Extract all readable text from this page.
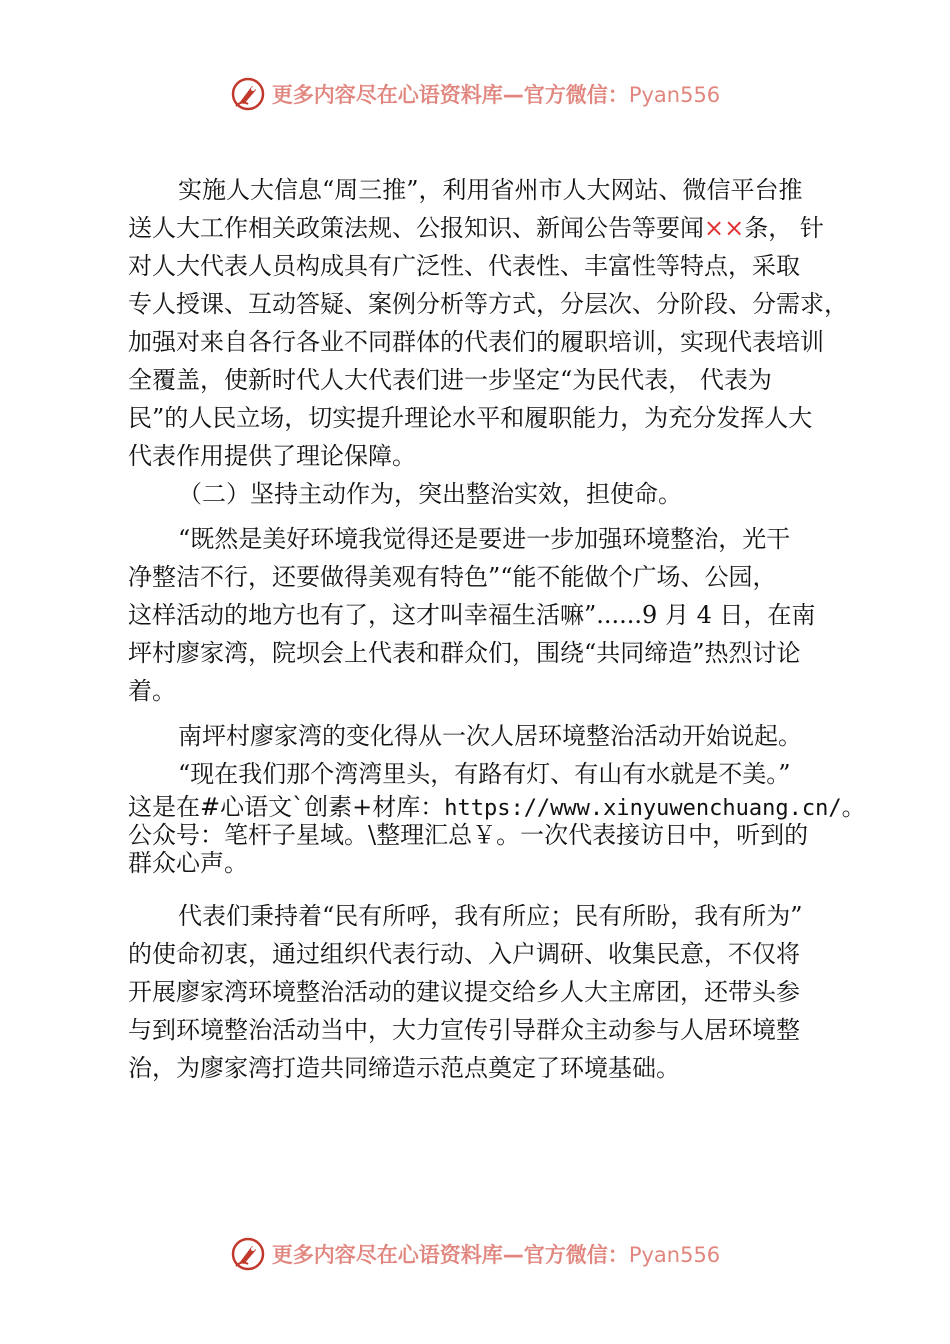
更多内容尽在心语资料库—官方微信：Pyan556
实施人大信息“周三推”，利用省州市人大网站、微信平台推
送人大工作相关政策法规、公报知识、新闻公告等要闻××条， 针
对人大代表人员构成具有广泛性、代表性、丰富性等特点，采取
专人授课、互动答疑、案例分析等方式，分层次、分阶段、分需求，
加强对来自各行各业不同群体的代表们的履职培训，实现代表培训
全覆盖，使新时代人大代表们进一步坚定“为民代表， 代表为
民”的人民立场，切实提升理论水平和履职能力，为充分发挥人大
代表作用提供了理论保障。
（二）坚持主动作为，突出整治实效，担使命。
“既然是美好环境我觉得还是要进一步加强环境整治，光干
净整洁不行，还要做得美观有特色”“能不能做个广场、公园，
这样活动的地方也有了，这才叫幸福生活嘛”......9 月 4 日，在南
坪村廖家湾，院坝会上代表和群众们，围绕“共同缔造”热烈讨论
着。
南坪村廖家湾的变化得从一次人居环境整治活动开始说起。
“现在我们那个湾湾里头，有路有灯、有山有水就是不美。”
这是在#心语文`创素+材库：https://www.xinyuwenchuang.cn/。
公众号：笔杆子星域。\整理汇总￥。一次代表接访日中，听到的
群众心声。
代表们秉持着“民有所呼，我有所应；民有所盼，我有所为”
的使命初衷，通过组织代表行动、入户调研、收集民意，不仅将
开展廖家湾环境整治活动的建议提交给乡人大主席团，还带头参
与到环境整治活动当中，大力宣传引导群众主动参与人居环境整
治，为廖家湾打造共同缔造示范点奠定了环境基础。
更多内容尽在心语资料库—官方微信：Pyan556
